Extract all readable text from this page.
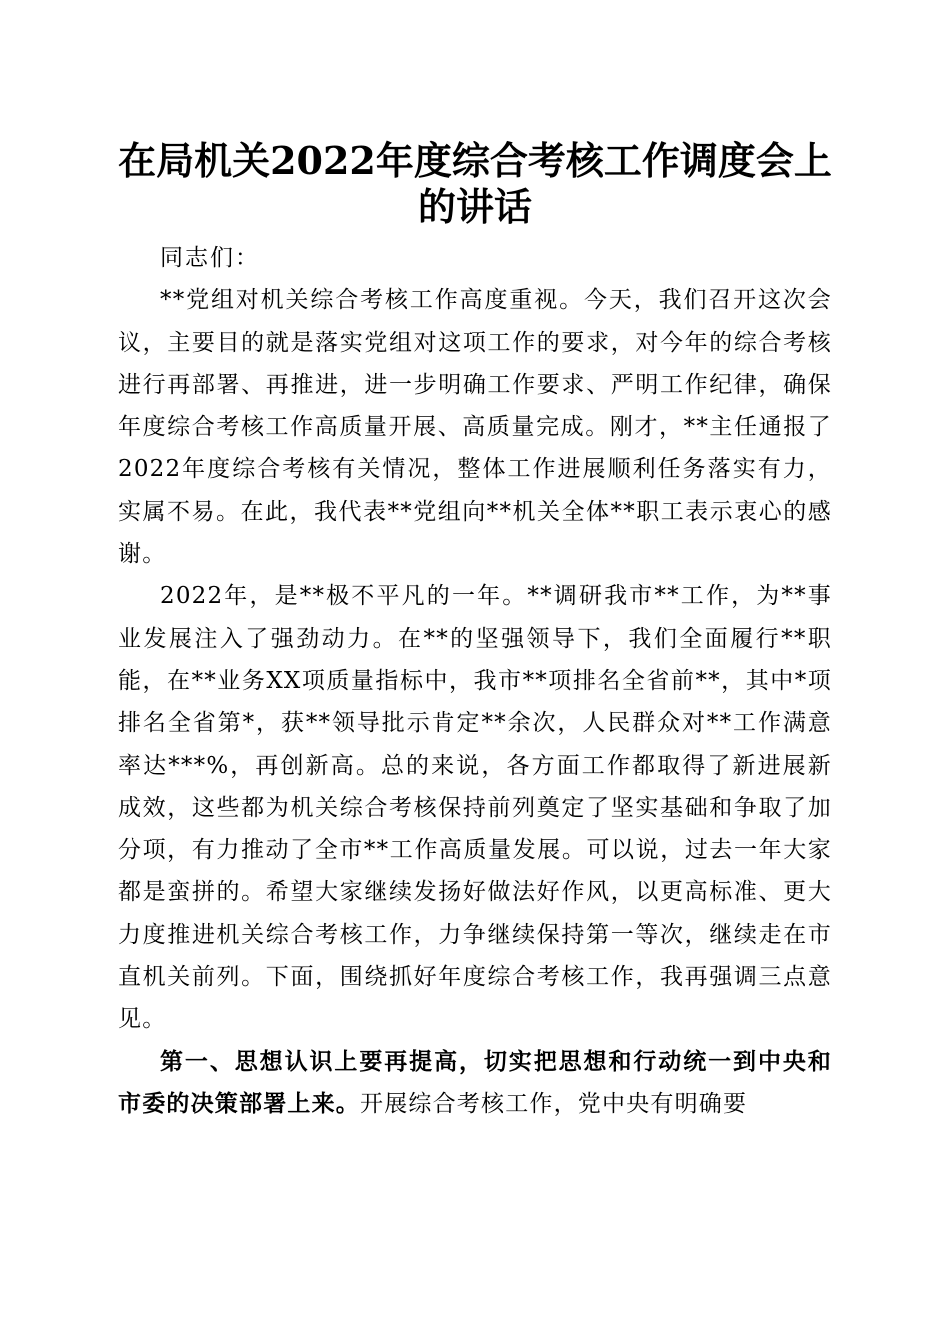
在局机关2022年度综合考核工作调度会上的讲话

同志们：

**党组对机关综合考核工作高度重视。今天，我们召开这次会议，主要目的就是落实党组对这项工作的要求，对今年的综合考核进行再部署、再推进，进一步明确工作要求、严明工作纪律，确保年度综合考核工作高质量开展、高质量完成。刚才，**主任通报了2022年度综合考核有关情况，整体工作进展顺利任务落实有力，实属不易。在此，我代表**党组向**机关全体**职工表示衷心的感谢。

2022年，是**极不平凡的一年。**调研我市**工作，为**事业发展注入了强劲动力。在**的坚强领导下，我们全面履行**职能，在**业务XX项质量指标中，我市**项排名全省前**，其中*项排名全省第*，获**领导批示肯定**余次，人民群众对**工作满意率达***%，再创新高。总的来说，各方面工作都取得了新进展新成效，这些都为机关综合考核保持前列奠定了坚实基础和争取了加分项，有力推动了全市**工作高质量发展。可以说，过去一年大家都是蛮拼的。希望大家继续发扬好做法好作风，以更高标准、更大力度推进机关综合考核工作，力争继续保持第一等次，继续走在市直机关前列。下面，围绕抓好年度综合考核工作，我再强调三点意见。

第一、思想认识上要再提高，切实把思想和行动统一到中央和市委的决策部署上来。开展综合考核工作，党中央有明确要
